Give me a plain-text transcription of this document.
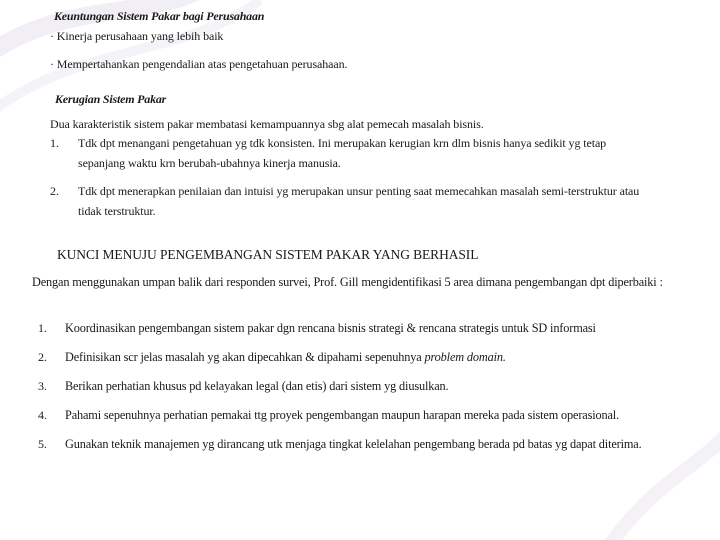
Keuntungan Sistem Pakar bagi Perusahaan
· Kinerja perusahaan yang lebih baik
· Mempertahankan pengendalian atas pengetahuan perusahaan.
Kerugian Sistem Pakar
Dua karakteristik sistem pakar membatasi kemampuannya sbg alat pemecah masalah bisnis.
1. Tdk dpt menangani pengetahuan yg tdk konsisten. Ini merupakan kerugian krn dlm bisnis hanya sedikit yg tetap
sepanjang waktu krn berubah-ubahnya kinerja manusia.
2. Tdk dpt menerapkan penilaian dan intuisi yg merupakan unsur penting saat memecahkan masalah semi-terstruktur atau
tidak terstruktur.
KUNCI MENUJU PENGEMBANGAN SISTEM PAKAR YANG BERHASIL
Dengan menggunakan umpan balik dari responden survei, Prof. Gill mengidentifikasi 5 area dimana pengembangan dpt diperbaiki :
1. Koordinasikan pengembangan sistem pakar dgn rencana bisnis strategi & rencana strategis untuk SD informasi
2. Definisikan scr jelas masalah yg akan dipecahkan & dipahami sepenuhnya problem domain.
3. Berikan perhatian khusus pd kelayakan legal (dan etis) dari sistem yg diusulkan.
4. Pahami sepenuhnya perhatian pemakai ttg proyek pengembangan maupun harapan mereka pada sistem operasional.
5. Gunakan teknik manajemen yg dirancang utk menjaga tingkat kelelahan pengembang berada pd batas yg dapat diterima.
